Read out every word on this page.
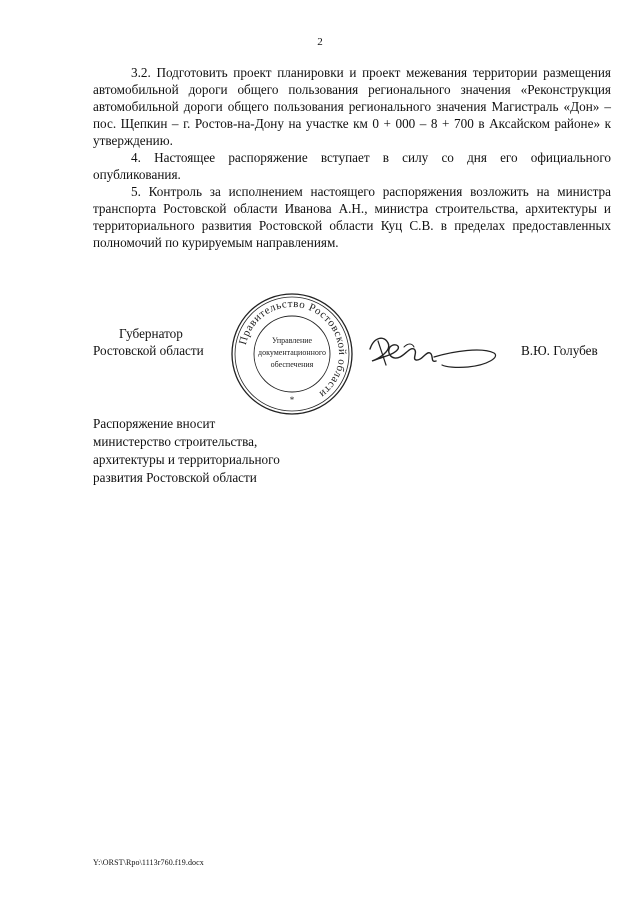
2

3.2. Подготовить проект планировки и проект межевания территории размещения автомобильной дороги общего пользования регионального значения «Реконструкция автомобильной дороги общего пользования регионального значения Магистраль «Дон» – пос. Щепкин – г. Ростов-на-Дону на участке км 0 + 000 – 8 + 700 в Аксайском районе» к утверждению.

4. Настоящее распоряжение вступает в силу со дня его официального опубликования.

5. Контроль за исполнением настоящего распоряжения возложить на министра транспорта Ростовской области Иванова А.Н., министра строительства, архитектуры и территориального развития Ростовской области Куц С.В. в пределах предоставленных полномочий по курируемым направлениям.

Губернатор
Ростовской области
Правительство Ростовской области
Управление
документационного
обеспечения
*
В.Ю. Голубев
Распоряжение вносит
министерство строительства,
архитектуры и территориального
развития Ростовской области
Y:\ORST\Rpo\1113r760.f19.docx
